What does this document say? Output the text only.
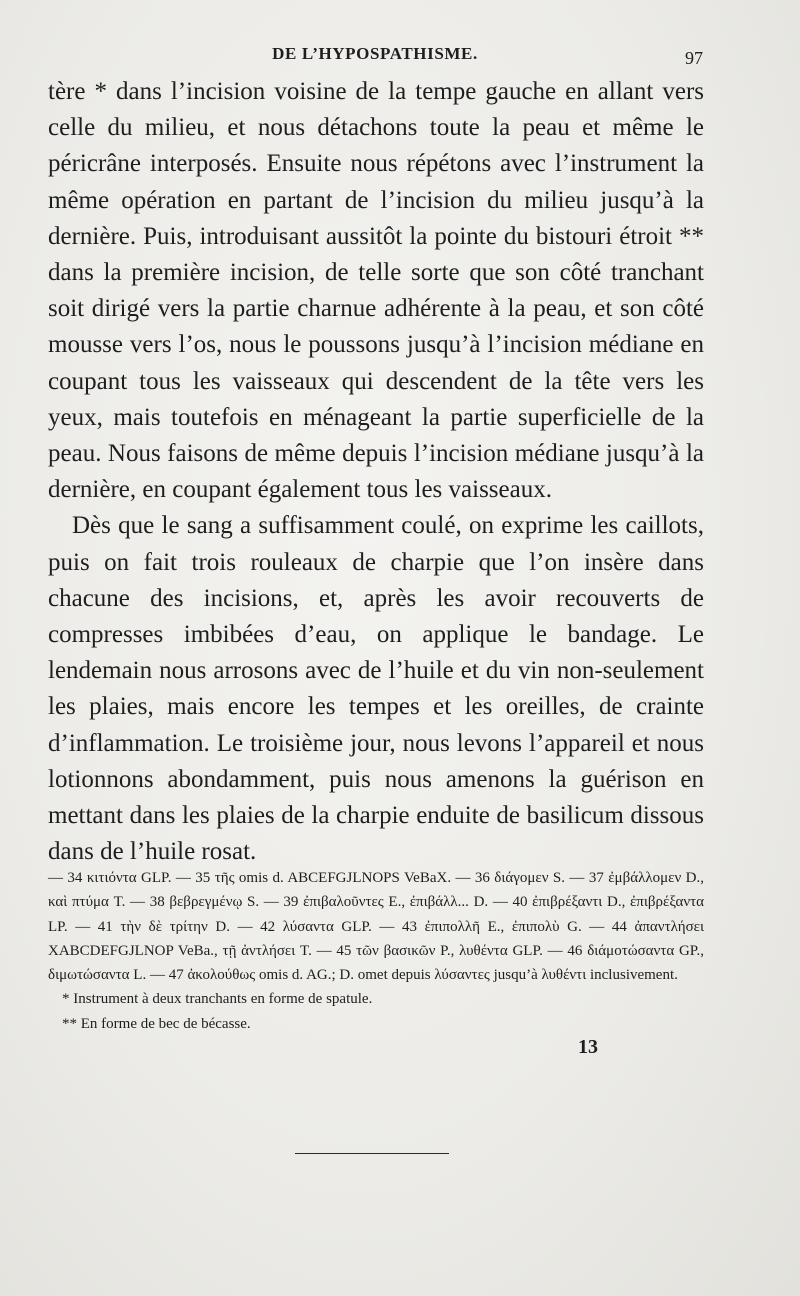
DE L’HYPOSPATHISME.	97

tère * dans l’incision voisine de la tempe gauche en allant vers celle du milieu, et nous détachons toute la peau et même le péricrâne interposés. Ensuite nous répétons avec l’instrument la même opération en partant de l’incision du milieu jusqu’à la dernière. Puis, introduisant aussitôt la pointe du bistouri étroit ** dans la première incision, de telle sorte que son côté tranchant soit dirigé vers la partie charnue adhérente à la peau, et son côté mousse vers l’os, nous le poussons jusqu’à l’incision médiane en coupant tous les vaisseaux qui descendent de la tête vers les yeux, mais toutefois en ménageant la partie superficielle de la peau. Nous faisons de même depuis l’incision médiane jusqu’à la dernière, en coupant également tous les vaisseaux.

Dès que le sang a suffisamment coulé, on exprime les caillots, puis on fait trois rouleaux de charpie que l’on insère dans chacune des incisions, et, après les avoir recouverts de compresses imbibées d’eau, on applique le bandage. Le lendemain nous arrosons avec de l’huile et du vin non-seulement les plaies, mais encore les tempes et les oreilles, de crainte d’inflammation. Le troisième jour, nous levons l’appareil et nous lotionnons abondamment, puis nous amenons la guérison en mettant dans les plaies de la charpie enduite de basilicum dissous dans de l’huile rosat.

— 34 κιτιόντα GLP. — 35 τῆς omis d. ABCEFGJLNOPS VeBaX. — 36 διάγομεν S. — 37 ἐμβάλλομεν D., καὶ πτύμα T. — 38 βεβρεγμένῳ S. — 39 ἐπιβαλοῦντες E., ἐπιβάλλ... D. — 40 ἐπιβρέξαντι D., ἐπιβρέξαντα LP. — 41 τὴν δὲ τρίτην D. — 42 λύσαντα GLP. — 43 ἐπιπολλῆ E., ἐπιπολὺ G. — 44 ἀπαντλήσει XABCDEFGJLNOP VeBa., τῇ ἀντλήσει T. — 45 τῶν βασικῶν P., λυθέντα GLP. — 46 διάμοτώσαντα GP., διμωτώσαντα L. — 47 ἀκολούθως omis d. AG.; D. omet depuis λύσαντες jusqu’à λυθέντι inclusivement.

* Instrument à deux tranchants en forme de spatule.

** En forme de bec de bécasse.

13
